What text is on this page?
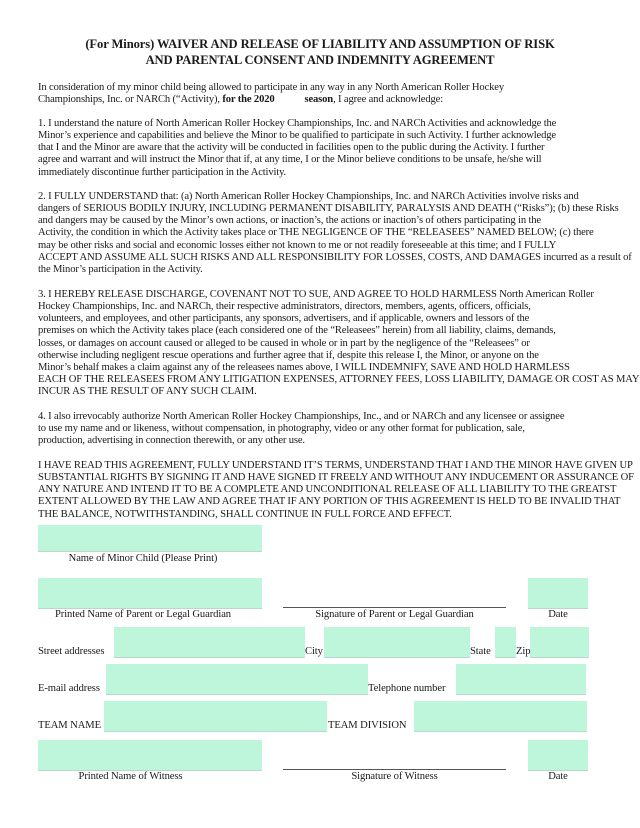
(For Minors) WAIVER AND RELEASE OF LIABILITY AND ASSUMPTION OF RISK
AND PARENTAL CONSENT AND INDEMNITY AGREEMENT
In consideration of my minor child being allowed to participate in any way in any North American Roller Hockey
Championships, Inc. or NARCh (“Activity), for the 2020	season, I agree and acknowledge:
1. I understand the nature of North American Roller Hockey Championships, Inc. and NARCh Activities and acknowledge the
Minor’s experience and capabilities and believe the Minor to be qualified to participate in such Activity. I further acknowledge
that I and the Minor are aware that the activity will be conducted in facilities open to the public during the Activity. I further
agree and warrant and will instruct the Minor that if, at any time, I or the Minor believe conditions to be unsafe, he/she will
immediately discontinue further participation in the Activity.
2. I FULLY UNDERSTAND that: (a) North American Roller Hockey Championships, Inc. and NARCh Activities involve risks and
dangers of SERIOUS BODILY INJURY, INCLUDING PERMANENT DISABILITY, PARALYSIS AND DEATH (“Risks”); (b) these Risks
and dangers may be caused by the Minor’s own actions, or inaction’s, the actions or inaction’s of others participating in the
Activity, the condition in which the Activity takes place or THE NEGLIGENCE OF THE “RELEASEES” NAMED BELOW; (c) there
may be other risks and social and economic losses either not known to me or not readily foreseeable at this time; and I FULLY
ACCEPT AND ASSUME ALL SUCH RISKS AND ALL RESPONSIBILITY FOR LOSSES, COSTS, AND DAMAGES incurred as a result of
the Minor’s participation in the Activity.
3. I HEREBY RELEASE DISCHARGE, COVENANT NOT TO SUE, AND AGREE TO HOLD HARMLESS North American Roller
Hockey Championships, Inc. and NARCh, their respective administrators, directors, members, agents, officers, officials,
volunteers, and employees, and other participants, any sponsors, advertisers, and if applicable, owners and lessors of the
premises on which the Activity takes place (each considered one of the “Releasees” herein) from all liability, claims, demands,
losses, or damages on account caused or alleged to be caused in whole or in part by the negligence of the “Releasees” or
otherwise including negligent rescue operations and further agree that if, despite this release I, the Minor, or anyone on the
Minor’s behalf makes a claim against any of the releasees names above, I WILL INDEMNIFY, SAVE AND HOLD HARMLESS
EACH OF THE RELEASEES FROM ANY LITIGATION EXPENSES, ATTORNEY FEES, LOSS LIABILITY, DAMAGE OR COST AS MAY
INCUR AS THE RESULT OF ANY SUCH CLAIM.
4. I also irrevocably authorize North American Roller Hockey Championships, Inc., and or NARCh and any licensee or assignee
to use my name and or likeness, without compensation, in photography, video or any other format for publication, sale,
production, advertising in connection therewith, or any other use.
I HAVE READ THIS AGREEMENT, FULLY UNDERSTAND IT’S TERMS, UNDERSTAND THAT I AND THE MINOR HAVE GIVEN UP
SUBSTANTIAL RIGHTS BY SIGNING IT AND HAVE SIGNED IT FREELY AND WITHOUT ANY INDUCEMENT OR ASSURANCE OF
ANY NATURE AND INTEND IT TO BE A COMPLETE AND UNCONDITIONAL RELEASE OF ALL LIABILITY TO THE GREATST
EXTENT ALLOWED BY THE LAW AND AGREE THAT IF ANY PORTION OF THIS AGREEMENT IS HELD TO BE INVALID THAT
THE BALANCE, NOTWITHSTANDING, SHALL CONTINUE IN FULL FORCE AND EFFECT.
Name of Minor Child (Please Print)
Printed Name of Parent or Legal Guardian	Signature of Parent or Legal Guardian	Date
Street addresses	City	State Zip
E-mail address	Telephone number
TEAM NAME	TEAM DIVISION
Printed Name of Witness	Signature of Witness	Date
